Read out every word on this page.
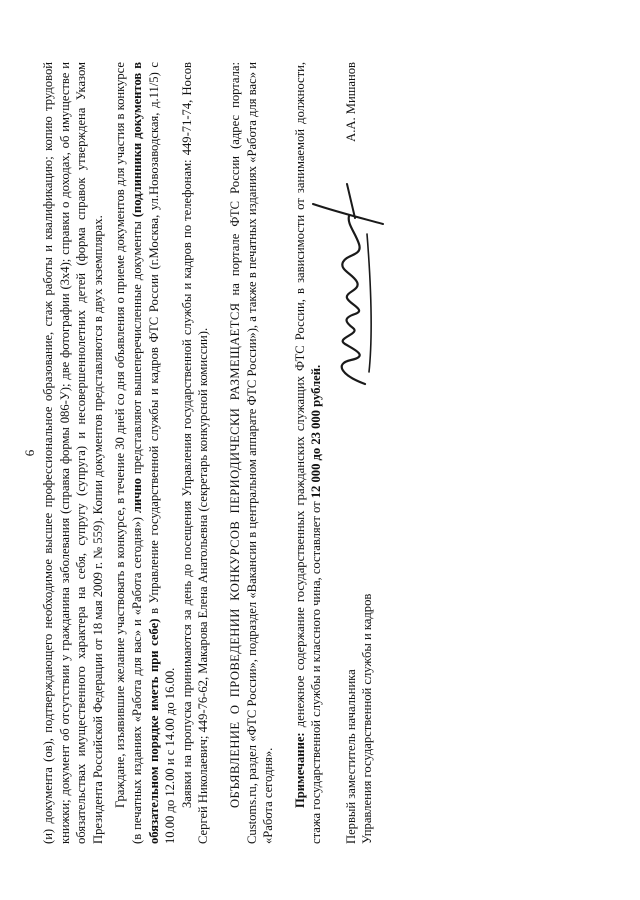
6 (и) документа (ов), подтверждающего необходимое высшее профессиональное образование, стаж работы и квалификацию; копию трудовой книжки; документ об отсутствии у гражданина заболевания (справка формы 086-У); две фотографии (3х4); справки о доходах, об имуществе и обязательствах имущественного характера на себя, супругу (супруга) и несовершеннолетних детей (форма справок утверждена Указом Президента Российской Федерации от 18 мая 2009 г. № 559). Копии документов представляются в двух экземплярах. Граждане, изъявившие желание участвовать в конкурсе, в течение 30 дней со дня объявления о приеме документов для участия в конкурсе (в печатных изданиях «Работа для вас» и «Работа сегодня») лично представляют вышеперечисленные документы (подлинники документов в обязательном порядке иметь при себе) в Управление государственной службы и кадров ФТС России (г.Москва, ул.Новозаводская, д.11/5) с 10.00 до 12.00 и с 14.00 до 16.00. Заявки на пропуска принимаются за день до посещения Управления государственной службы и кадров по телефонам: 449-71-74, Носов Сергей Николаевич; 449-76-62, Макарова Елена Анатольевна (секретарь конкурсной комиссии). ОБЪЯВЛЕНИЕ О ПРОВЕДЕНИИ КОНКУРСОВ ПЕРИОДИЧЕСКИ РАЗМЕЩАЕТСЯ на портале ФТС России (адрес портала: Customs.ru, раздел «ФТС России», подраздел «Вакансии в центральном аппарате ФТС России»), а также в печатных изданиях «Работа для вас» и «Работа сегодня». Примечание: денежное содержание государственных гражданских служащих ФТС России, в зависимости от занимаемой должности, стажа государственной службы и классного чина, составляет от 12 000 до 23 000 рублей.

Первый заместитель начальника Управления государственной службы и кадров
А.А. Мишанов
